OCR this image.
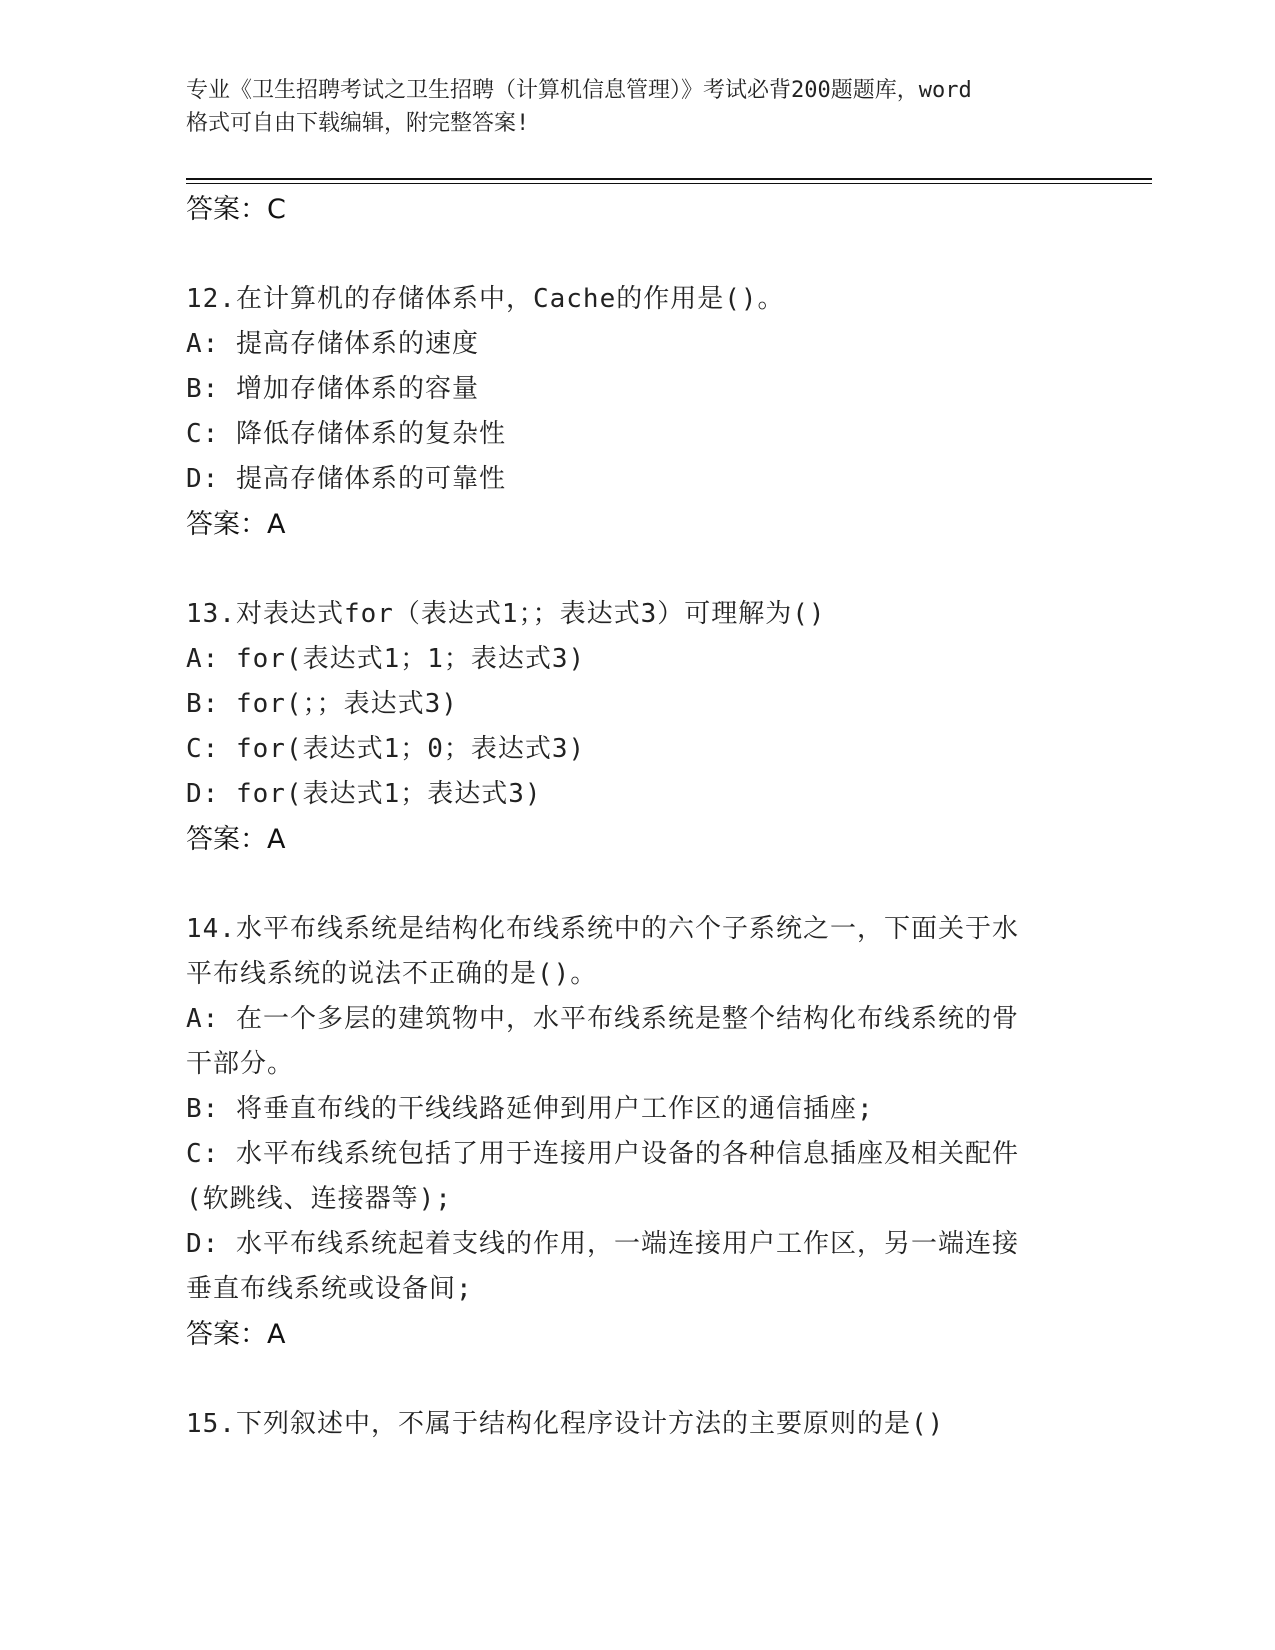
专业《卫生招聘考试之卫生招聘（计算机信息管理）》考试必背200题题库，word
格式可自由下载编辑，附完整答案!
答案：C
12.在计算机的存储体系中，Cache的作用是()。
A: 提高存储体系的速度
B: 增加存储体系的容量
C: 降低存储体系的复杂性
D: 提高存储体系的可靠性
答案：A
13.对表达式for（表达式1；；表达式3）可理解为()
A: for(表达式1；1；表达式3)
B: for(；；表达式3)
C: for(表达式1；0；表达式3)
D: for(表达式1；表达式3)
答案：A
14.水平布线系统是结构化布线系统中的六个子系统之一，下面关于水
平布线系统的说法不正确的是()。
A: 在一个多层的建筑物中，水平布线系统是整个结构化布线系统的骨
干部分。
B: 将垂直布线的干线线路延伸到用户工作区的通信插座;
C: 水平布线系统包括了用于连接用户设备的各种信息插座及相关配件
(软跳线、连接器等);
D: 水平布线系统起着支线的作用，一端连接用户工作区，另一端连接
垂直布线系统或设备间;
答案：A
15.下列叙述中，不属于结构化程序设计方法的主要原则的是()
